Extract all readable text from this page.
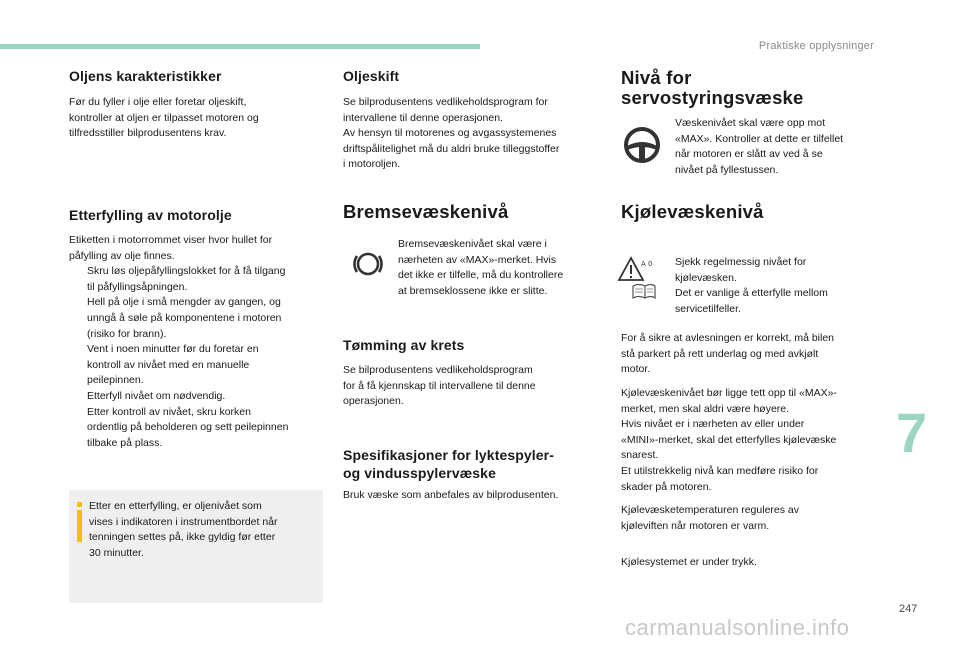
Praktiske opplysninger
Oljens karakteristikker
Før du fyller i olje eller foretar oljeskift,
kontroller at oljen er tilpasset motoren og
tilfredsstiller bilprodusentens krav.
Etterfylling av motorolje
Etiketten i motorrommet viser hvor hullet for
påfylling av olje finnes.
Skru løs oljepåfyllingslokket for å få tilgang
til påfyllingsåpningen.
Hell på olje i små mengder av gangen, og
unngå å søle på komponentene i motoren
(risiko for brann).
Vent i noen minutter før du foretar en
kontroll av nivået med en manuelle
peilepinnen.
Etterfyll nivået om nødvendig.
Etter kontroll av nivået, skru korken
ordentlig på beholderen og sett peilepinnen
tilbake på plass.
Etter en etterfylling, er oljenivået som
vises i indikatoren i instrumentbordet når
tenningen settes på, ikke gyldig før etter
30 minutter.
Oljeskift
Se bilprodusentens vedlikeholdsprogram for
intervallene til denne operasjonen.
Av hensyn til motorenes og avgassystemenes
driftspålitelighet må du aldri bruke tilleggstoffer
i motoroljen.
Bremsevæskenivå
Bremsevæskenivået skal være i
nærheten av «MAX»-merket. Hvis
det ikke er tilfelle, må du kontrollere
at bremseklossene ikke er slitte.
Tømming av krets
Se bilprodusentens vedlikeholdsprogram
for å få kjennskap til intervallene til denne
operasjonen.
Spesifikasjoner for lyktespyler-
og vindusspylervæske
Bruk væske som anbefales av bilprodusenten.
Nivå for
servostyringsvæske
Kjølevæskenivå
Væskenivået skal være opp mot
«MAX». Kontroller at dette er tilfellet
når motoren er slått av ved å se
nivået på fyllestussen.
A 0 Sjekk regelmessig nivået for
kjølevæsken.
Det er vanlige å etterfylle mellom
servicetilfeller.
For å sikre at avlesningen er korrekt, må bilen
stå parkert på rett underlag og med avkjølt
motor.
Kjølevæskenivået bør ligge tett opp til «MAX»-
merket, men skal aldri være høyere.
Hvis nivået er i nærheten av eller under
«MINI»-merket, skal det etterfylles kjølevæske
snarest.
Et utilstrekkelig nivå kan medføre risiko for
skader på motoren.
Kjølevæsketemperaturen reguleres av
kjøleviften når motoren er varm.
Kjølesystemet er under trykk.
7
247
carmanualsonline.info
